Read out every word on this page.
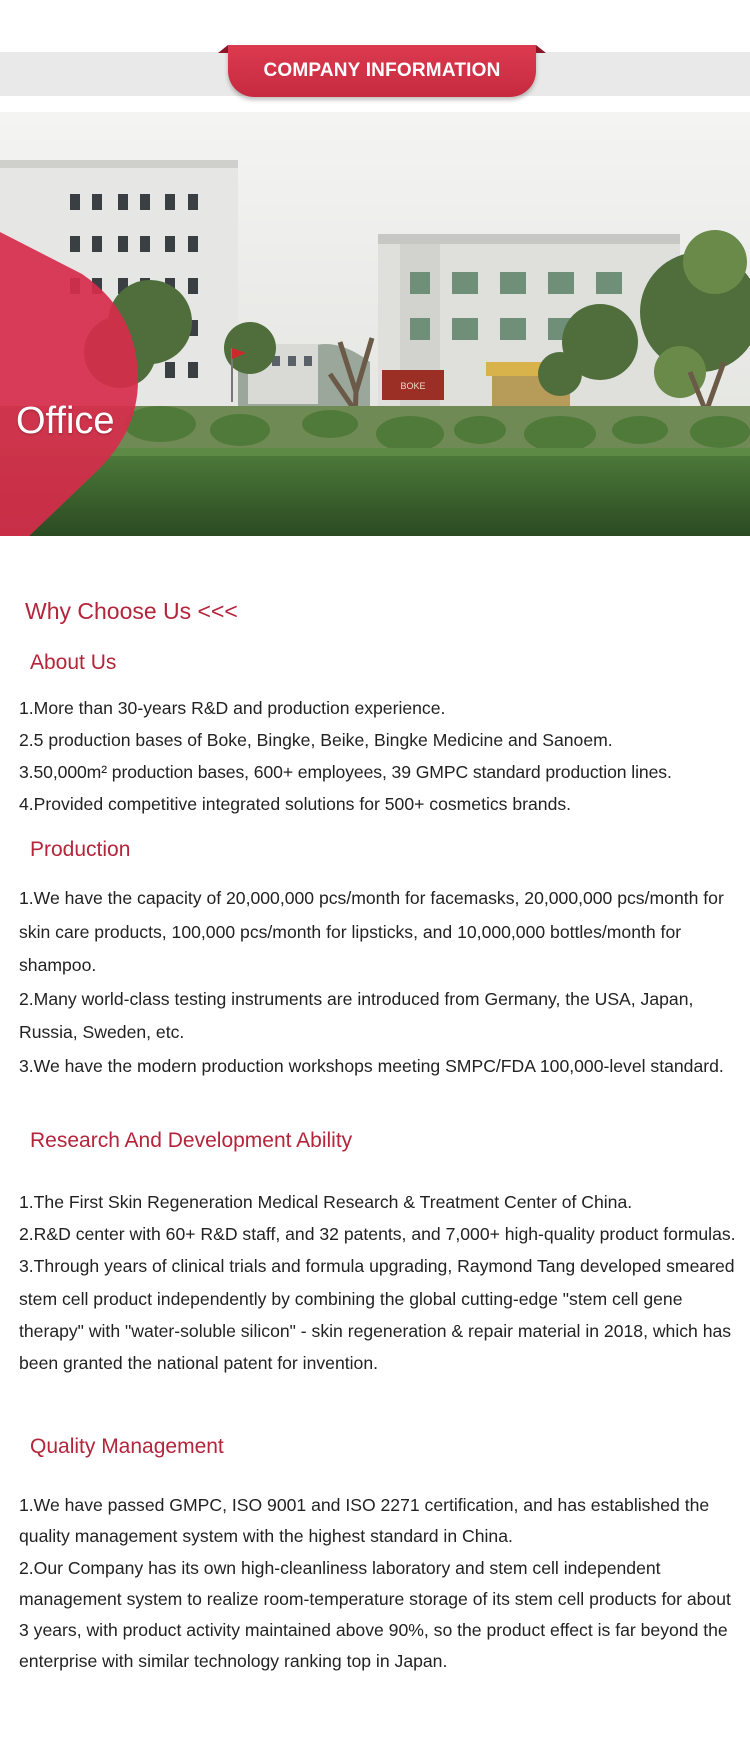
COMPANY INFORMATION
BOKE
Office
Why Choose Us <<<
About Us

1.More than 30-years R&D and production experience.

2.5 production bases of Boke, Bingke, Beike, Bingke Medicine and Sanoem.

3.50,000m² production bases, 600+ employees, 39 GMPC standard production lines.

4.Provided competitive integrated solutions for 500+ cosmetics brands.

Production

1.We have the capacity of 20,000,000 pcs/month for facemasks, 20,000,000 pcs/month for skin care products, 100,000 pcs/month for lipsticks, and 10,000,000 bottles/month for shampoo.

2.Many world-class testing instruments are introduced from Germany, the USA, Japan, Russia, Sweden, etc.

3.We have the modern production workshops meeting SMPC/FDA 100,000-level standard.

Research And Development Ability

1.The First Skin Regeneration Medical Research & Treatment Center of China.

2.R&D center with 60+ R&D staff, and 32 patents, and 7,000+ high-quality product formulas.

3.Through years of clinical trials and formula upgrading, Raymond Tang developed smeared stem cell product independently by combining the global cutting-edge "stem cell gene therapy" with "water-soluble silicon" - skin regeneration & repair material in 2018, which has been granted the national patent for invention.

Quality Management

1.We have passed GMPC, ISO 9001 and ISO 2271 certification, and has established the quality management system with the highest standard in China.

2.Our Company has its own high-cleanliness laboratory and stem cell independent management system to realize room-temperature storage of its stem cell products for about 3 years, with product activity maintained above 90%, so the product effect is far beyond the enterprise with similar technology ranking top in Japan.
